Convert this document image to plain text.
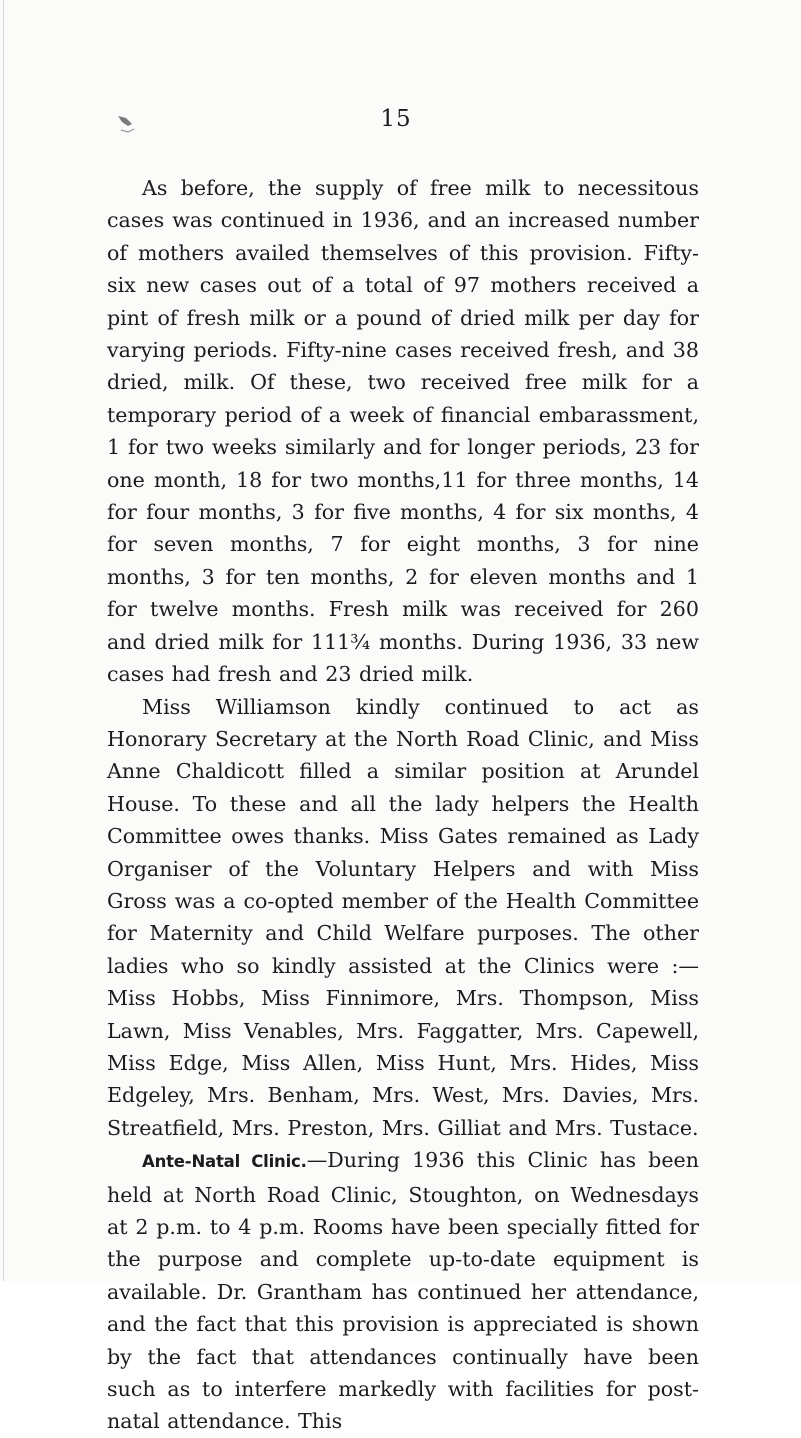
15

As before, the supply of free milk to necessitous cases was continued in 1936, and an increased number of mothers availed themselves of this provision. Fifty-six new cases out of a total of 97 mothers received a pint of fresh milk or a pound of dried milk per day for varying periods. Fifty-nine cases received fresh, and 38 dried, milk. Of these, two received free milk for a temporary period of a week of financial embarassment, 1 for two weeks similarly and for longer periods, 23 for one month, 18 for two months,11 for three months, 14 for four months, 3 for five months, 4 for six months, 4 for seven months, 7 for eight months, 3 for nine months, 3 for ten months, 2 for eleven months and 1 for twelve months. Fresh milk was received for 260 and dried milk for 111¾ months. During 1936, 33 new cases had fresh and 23 dried milk.

Miss Williamson kindly continued to act as Honorary Secretary at the North Road Clinic, and Miss Anne Chaldicott filled a similar position at Arundel House. To these and all the lady helpers the Health Committee owes thanks. Miss Gates remained as Lady Organiser of the Voluntary Helpers and with Miss Gross was a co-opted member of the Health Committee for Maternity and Child Welfare purposes. The other ladies who so kindly assisted at the Clinics were :—Miss Hobbs, Miss Finnimore, Mrs. Thompson, Miss Lawn, Miss Venables, Mrs. Faggatter, Mrs. Capewell, Miss Edge, Miss Allen, Miss Hunt, Mrs. Hides, Miss Edgeley, Mrs. Benham, Mrs. West, Mrs. Davies, Mrs. Streatfield, Mrs. Preston, Mrs. Gilliat and Mrs. Tustace.

Ante-Natal Clinic.—During 1936 this Clinic has been held at North Road Clinic, Stoughton, on Wednesdays at 2 p.m. to 4 p.m. Rooms have been specially fitted for the purpose and complete up-to-date equipment is available. Dr. Grantham has continued her attendance, and the fact that this provision is appreciated is shown by the fact that attendances continually have been such as to interfere markedly with facilities for post-natal attendance. This
